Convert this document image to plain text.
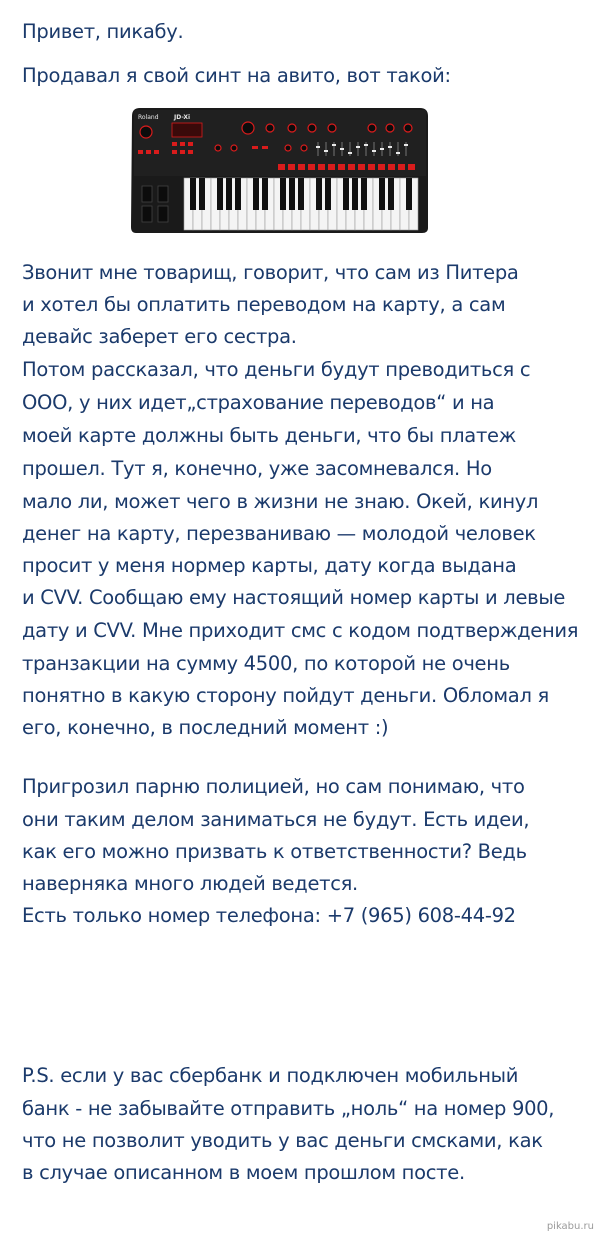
Привет, пикабу.
Продавал я свой синт на авито, вот такой:
Roland	JD-Xi
Звонит мне товарищ, говорит, что сам из Питера
и хотел бы оплатить переводом на карту, а сам
девайс заберет его сестра.
Потом рассказал, что деньги будут преводиться с
ООО, у них идет„страхование переводов“ и на
моей карте должны быть деньги, что бы платеж
прошел. Тут я, конечно, уже засомневался. Но
мало ли, может чего в жизни не знаю. Окей, кинул
денег на карту, перезваниваю — молодой человек
просит у меня нормер карты, дату когда выдана
и CVV. Сообщаю ему настоящий номер карты и левые
дату и CVV. Мне приходит смс с кодом подтверждения
транзакции на сумму 4500, по которой не очень
понятно в какую сторону пойдут деньги. Обломал я
его, конечно, в последний момент :)
Пригрозил парню полицией, но сам понимаю, что
они таким делом заниматься не будут. Есть идеи,
как его можно призвать к ответственности? Ведь
наверняка много людей ведется.
Есть только номер телефона: +7 (965) 608-44-92
P.S. если у вас сбербанк и подключен мобильный
банк - не забывайте отправить „ноль“ на номер 900,
что не позволит уводить у вас деньги смсками, как
в случае описанном в моем прошлом посте.
pikabu.ru
